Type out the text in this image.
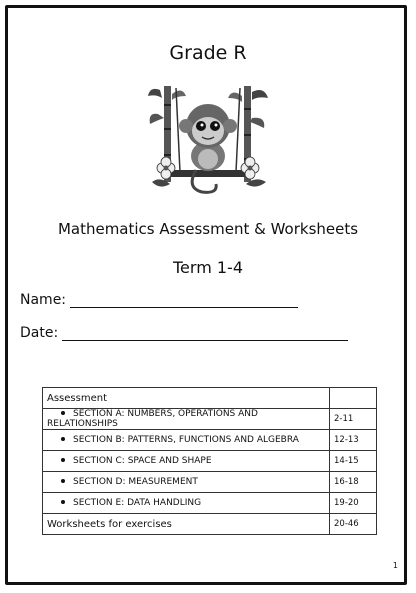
Grade R
Mathematics Assessment & Worksheets
Term 1-4
Name:
Date:
Assessment	
SECTION A: NUMBERS, OPERATIONS AND RELATIONSHIPS	2-11
SECTION B: PATTERNS, FUNCTIONS AND ALGEBRA	12-13
SECTION C: SPACE AND SHAPE	14-15
SECTION D: MEASUREMENT	16-18
SECTION E: DATA HANDLING	19-20
Worksheets for exercises	20-46
1
